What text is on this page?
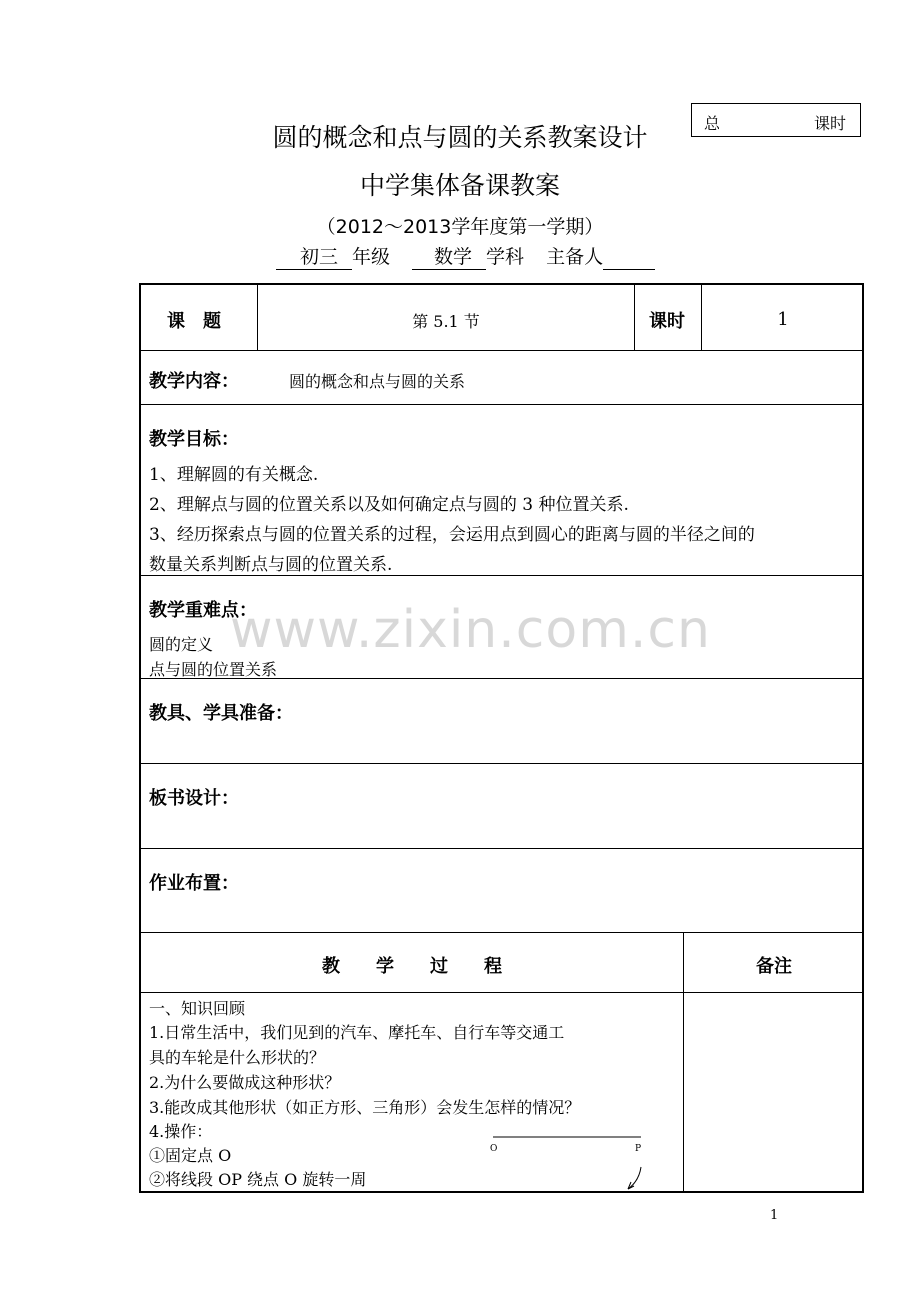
总	课时
圆的概念和点与圆的关系教案设计
中学集体备课教案
（2012～2013学年度第一学期）
初三 年级 数学 学科 主备人
课　题	第 5.1 节	课时	1
教学内容：	圆的概念和点与圆的关系
教学目标：
1、理解圆的有关概念.
2、理解点与圆的位置关系以及如何确定点与圆的 3 种位置关系.
3、经历探索点与圆的位置关系的过程，会运用点到圆心的距离与圆的半径之间的
数量关系判断点与圆的位置关系.
教学重难点：
圆的定义
点与圆的位置关系
教具、学具准备：
板书设计：
作业布置：
教　　学　　过　　程	备注
一、知识回顾
1.日常生活中，我们见到的汽车、摩托车、自行车等交通工
具的车轮是什么形状的？
2.为什么要做成这种形状？
3.能改成其他形状（如正方形、三角形）会发生怎样的情况？
4.操作：
①固定点 O
②将线段 OP 绕点 O 旋转一周
O	P
www.zixin.com.cn
1
